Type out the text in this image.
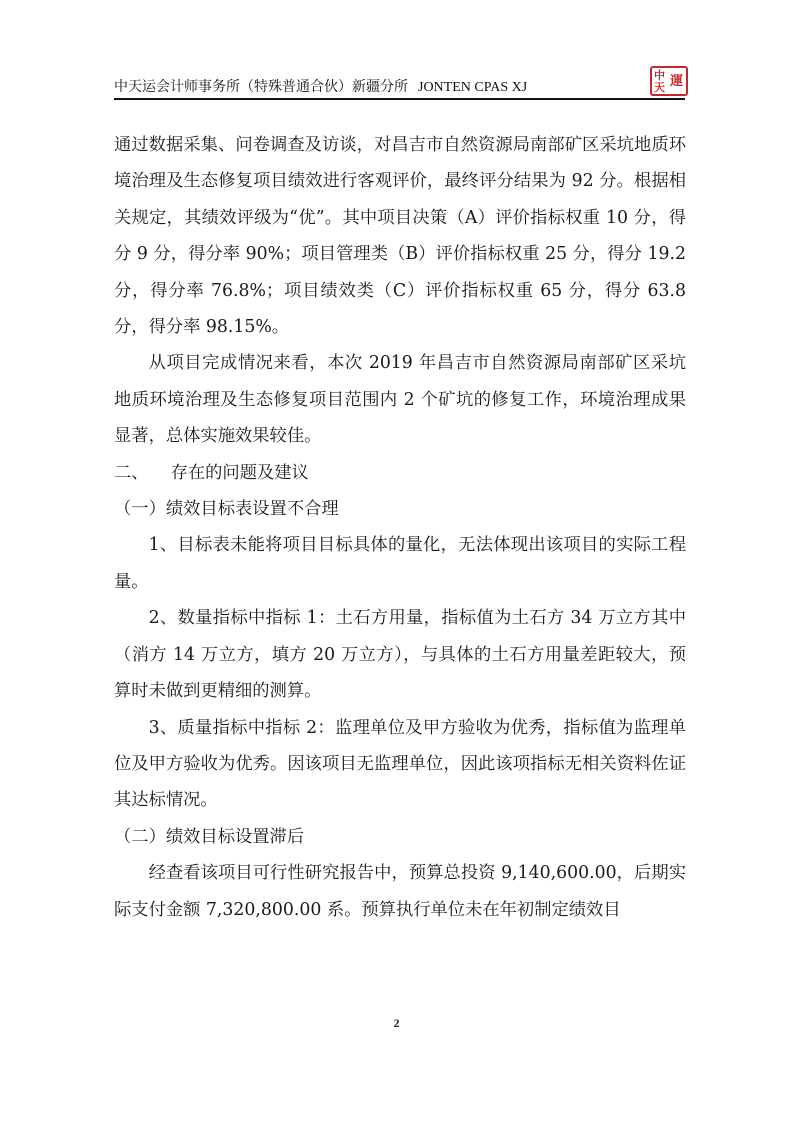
中天运会计师事务所（特殊普通合伙）新疆分所 JONTEN CPAS XJ
中
天 運

通过数据采集、问卷调查及访谈，对昌吉市自然资源局南部矿区采坑地质环境治理及生态修复项目绩效进行客观评价，最终评分结果为 92 分。根据相关规定，其绩效评级为“优”。其中项目决策（A）评价指标权重 10 分，得分 9 分，得分率 90%；项目管理类（B）评价指标权重 25 分，得分 19.2 分，得分率 76.8%；项目绩效类（C）评价指标权重 65 分，得分 63.8 分，得分率 98.15%。

从项目完成情况来看，本次 2019 年昌吉市自然资源局南部矿区采坑地质环境治理及生态修复项目范围内 2 个矿坑的修复工作，环境治理成果显著，总体实施效果较佳。

二、 存在的问题及建议

（一）绩效目标表设置不合理

1、目标表未能将项目目标具体的量化，无法体现出该项目的实际工程量。

2、数量指标中指标 1：土石方用量，指标值为土石方 34 万立方其中（消方 14 万立方，填方 20 万立方），与具体的土石方用量差距较大，预算时未做到更精细的测算。

3、质量指标中指标 2：监理单位及甲方验收为优秀，指标值为监理单位及甲方验收为优秀。因该项目无监理单位，因此该项指标无相关资料佐证其达标情况。

（二）绩效目标设置滞后

经查看该项目可行性研究报告中，预算总投资 9,140,600.00，后期实际支付金额 7,320,800.00 系。预算执行单位未在年初制定绩效目

2
